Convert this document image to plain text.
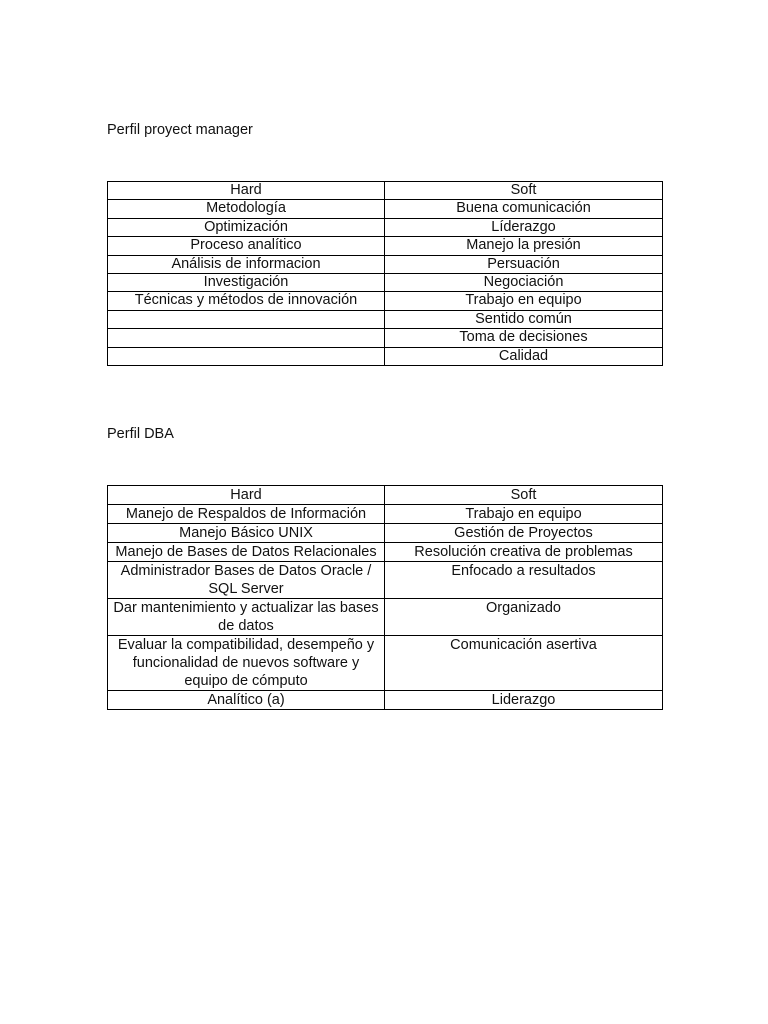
Perfil proyect manager
Hard	Soft
Metodología	Buena comunicación
Optimización	Líderazgo
Proceso analítico	Manejo la presión
Análisis de informacion	Persuación
Investigación	Negociación
Técnicas y métodos de innovación	Trabajo en equipo
	Sentido común
	Toma de decisiones
	Calidad
Perfil DBA
Hard	Soft
Manejo de Respaldos de Información	Trabajo en equipo
Manejo Básico UNIX	Gestión de Proyectos
Manejo de Bases de Datos Relacionales	Resolución creativa de problemas
Administrador Bases de Datos Oracle / SQL Server	Enfocado a resultados
Dar mantenimiento y actualizar las bases de datos	Organizado
Evaluar la compatibilidad, desempeño y funcionalidad de nuevos software y equipo de cómputo	Comunicación asertiva
Analítico (a)	Liderazgo
